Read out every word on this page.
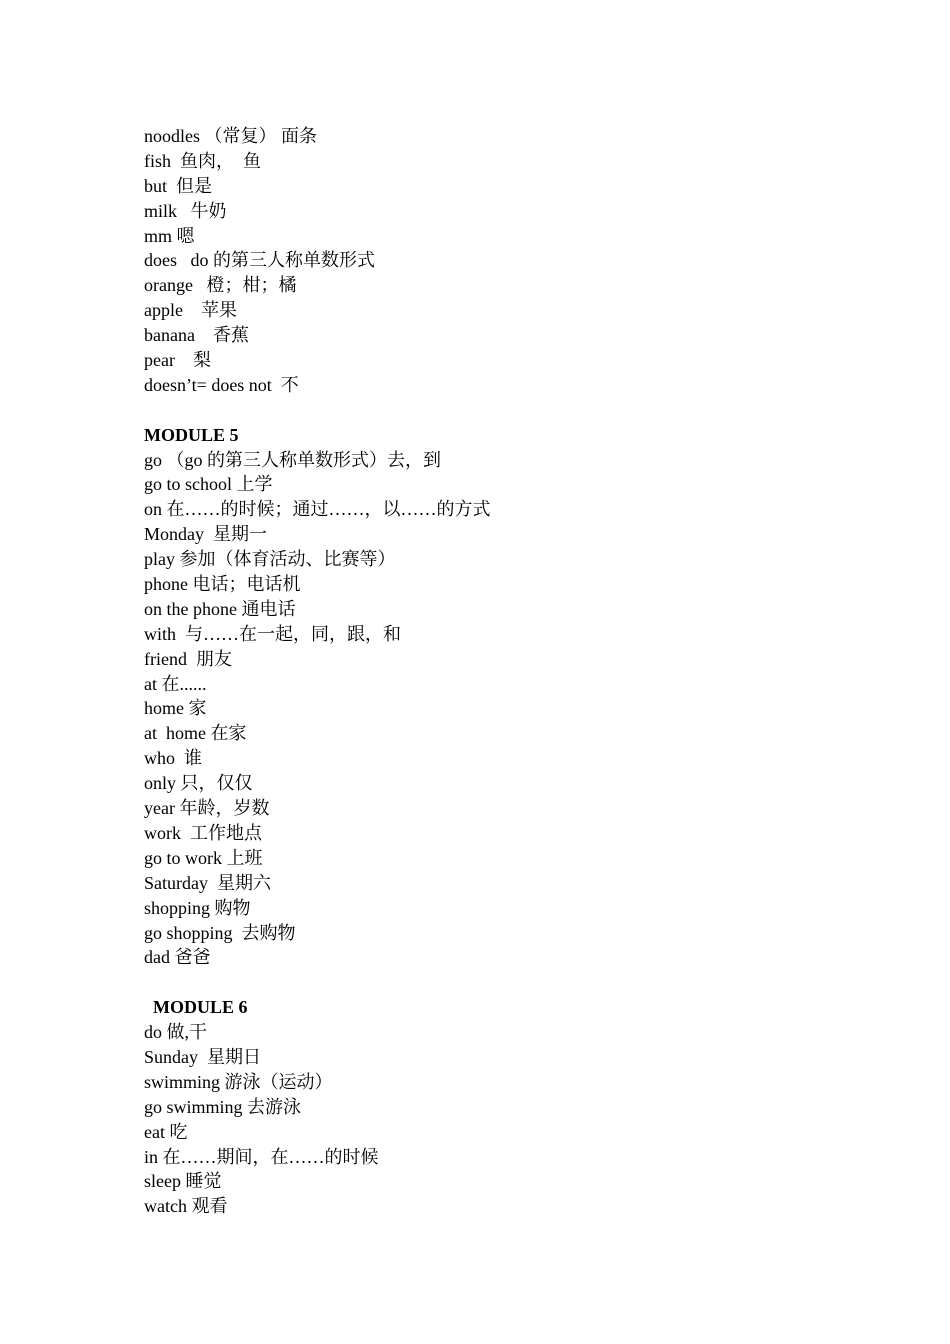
noodles （常复） 面条
fish  鱼肉，  鱼
but  但是
milk   牛奶
mm 嗯
does   do 的第三人称单数形式
orange   橙；柑；橘
apple    苹果
banana    香蕉
pear    梨
doesn’t= does not  不
MODULE 5
go （go 的第三人称单数形式）去，到
go to school 上学
on 在……的时候；通过……，以……的方式
Monday  星期一
play 参加（体育活动、比赛等）
phone 电话；电话机
on the phone 通电话
with  与……在一起，同，跟，和
friend  朋友
at 在......
home 家
at  home 在家
who  谁
only 只，仅仅
year 年龄，岁数
work  工作地点
go to work 上班
Saturday  星期六
shopping 购物
go shopping  去购物
dad 爸爸
MODULE 6
do 做,干
Sunday  星期日
swimming 游泳（运动）
go swimming 去游泳
eat 吃
in 在……期间，在……的时候
sleep 睡觉
watch 观看
